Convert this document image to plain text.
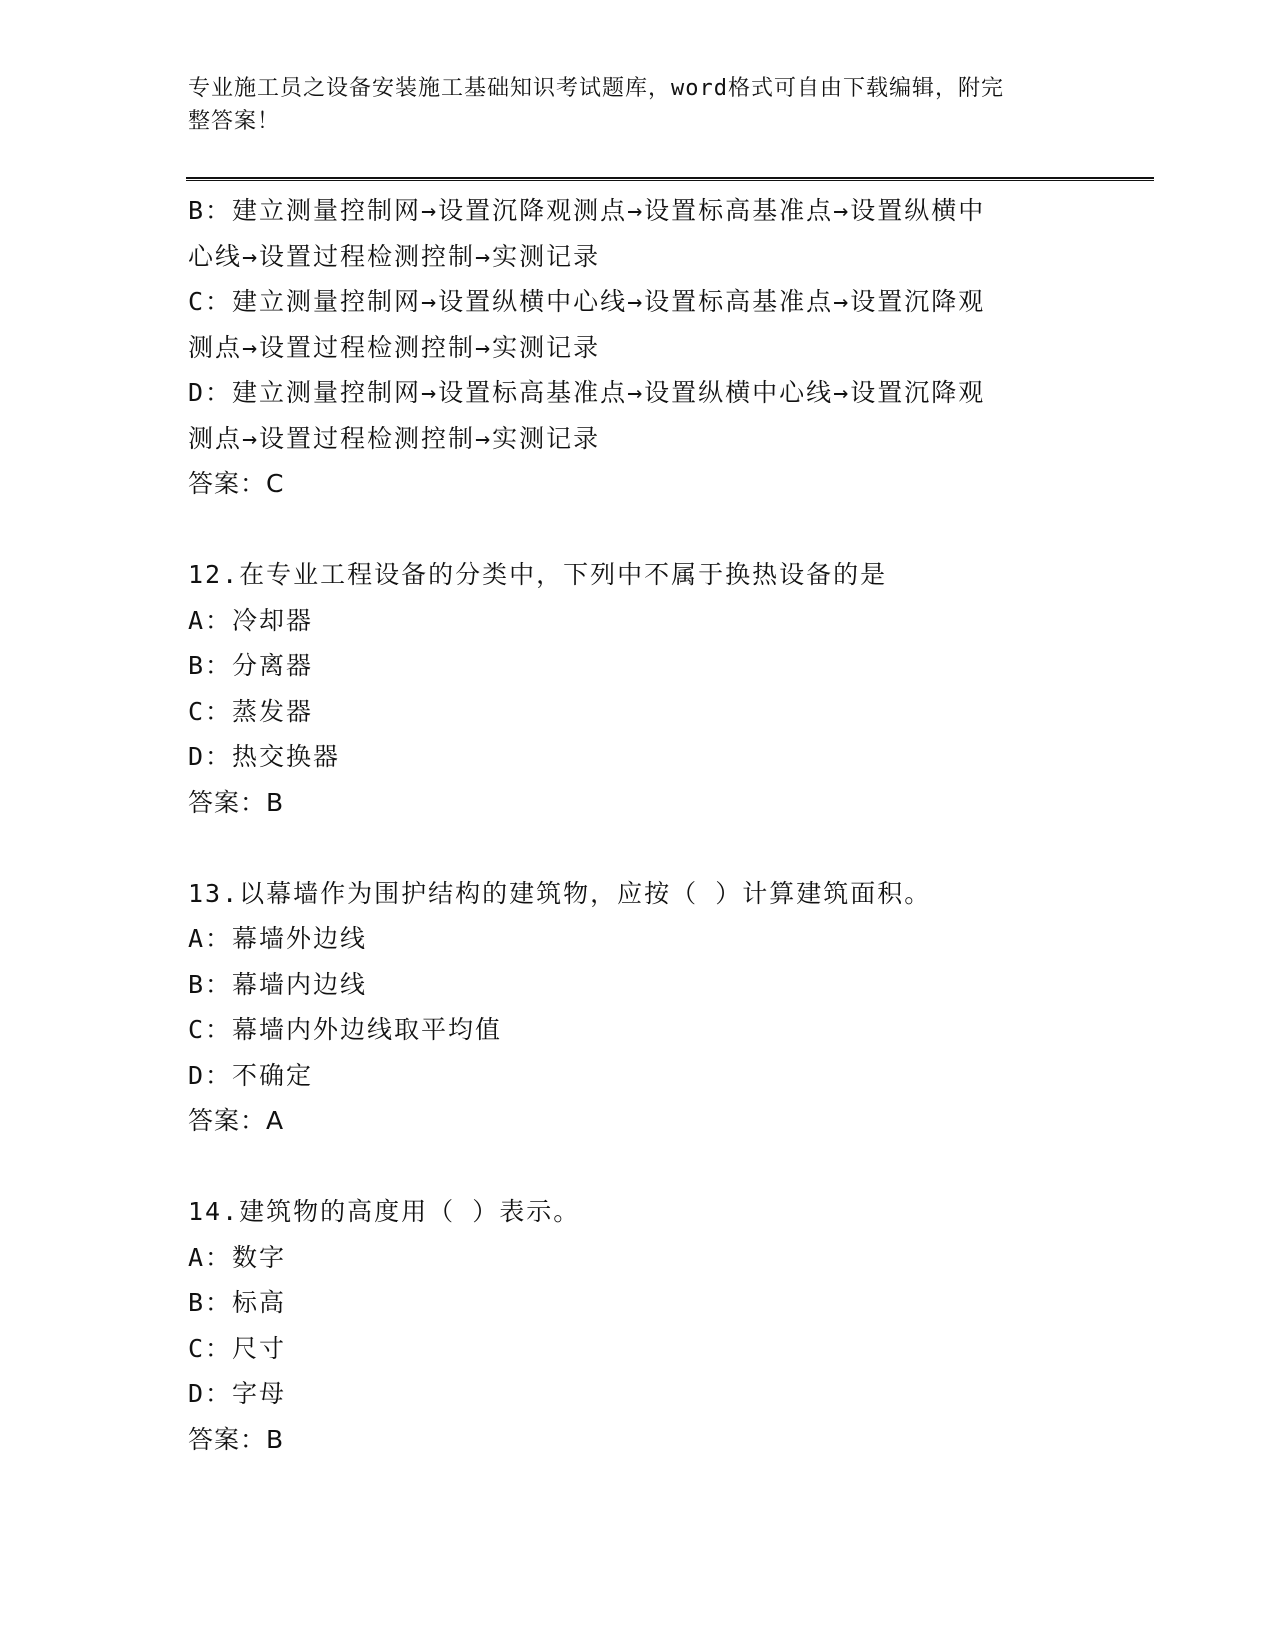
专业施工员之设备安装施工基础知识考试题库，word格式可自由下载编辑，附完
整答案！
B：建立测量控制网→设置沉降观测点→设置标高基准点→设置纵横中
心线→设置过程检测控制→实测记录
C：建立测量控制网→设置纵横中心线→设置标高基准点→设置沉降观
测点→设置过程检测控制→实测记录
D：建立测量控制网→设置标高基准点→设置纵横中心线→设置沉降观
测点→设置过程检测控制→实测记录
答案：C
12.在专业工程设备的分类中，下列中不属于换热设备的是
A：冷却器
B：分离器
C：蒸发器
D：热交换器
答案：B
13.以幕墙作为围护结构的建筑物，应按（ ）计算建筑面积。
A：幕墙外边线
B：幕墙内边线
C：幕墙内外边线取平均值
D：不确定
答案：A
14.建筑物的高度用（ ）表示。
A：数字
B：标高
C：尺寸
D：字母
答案：B
